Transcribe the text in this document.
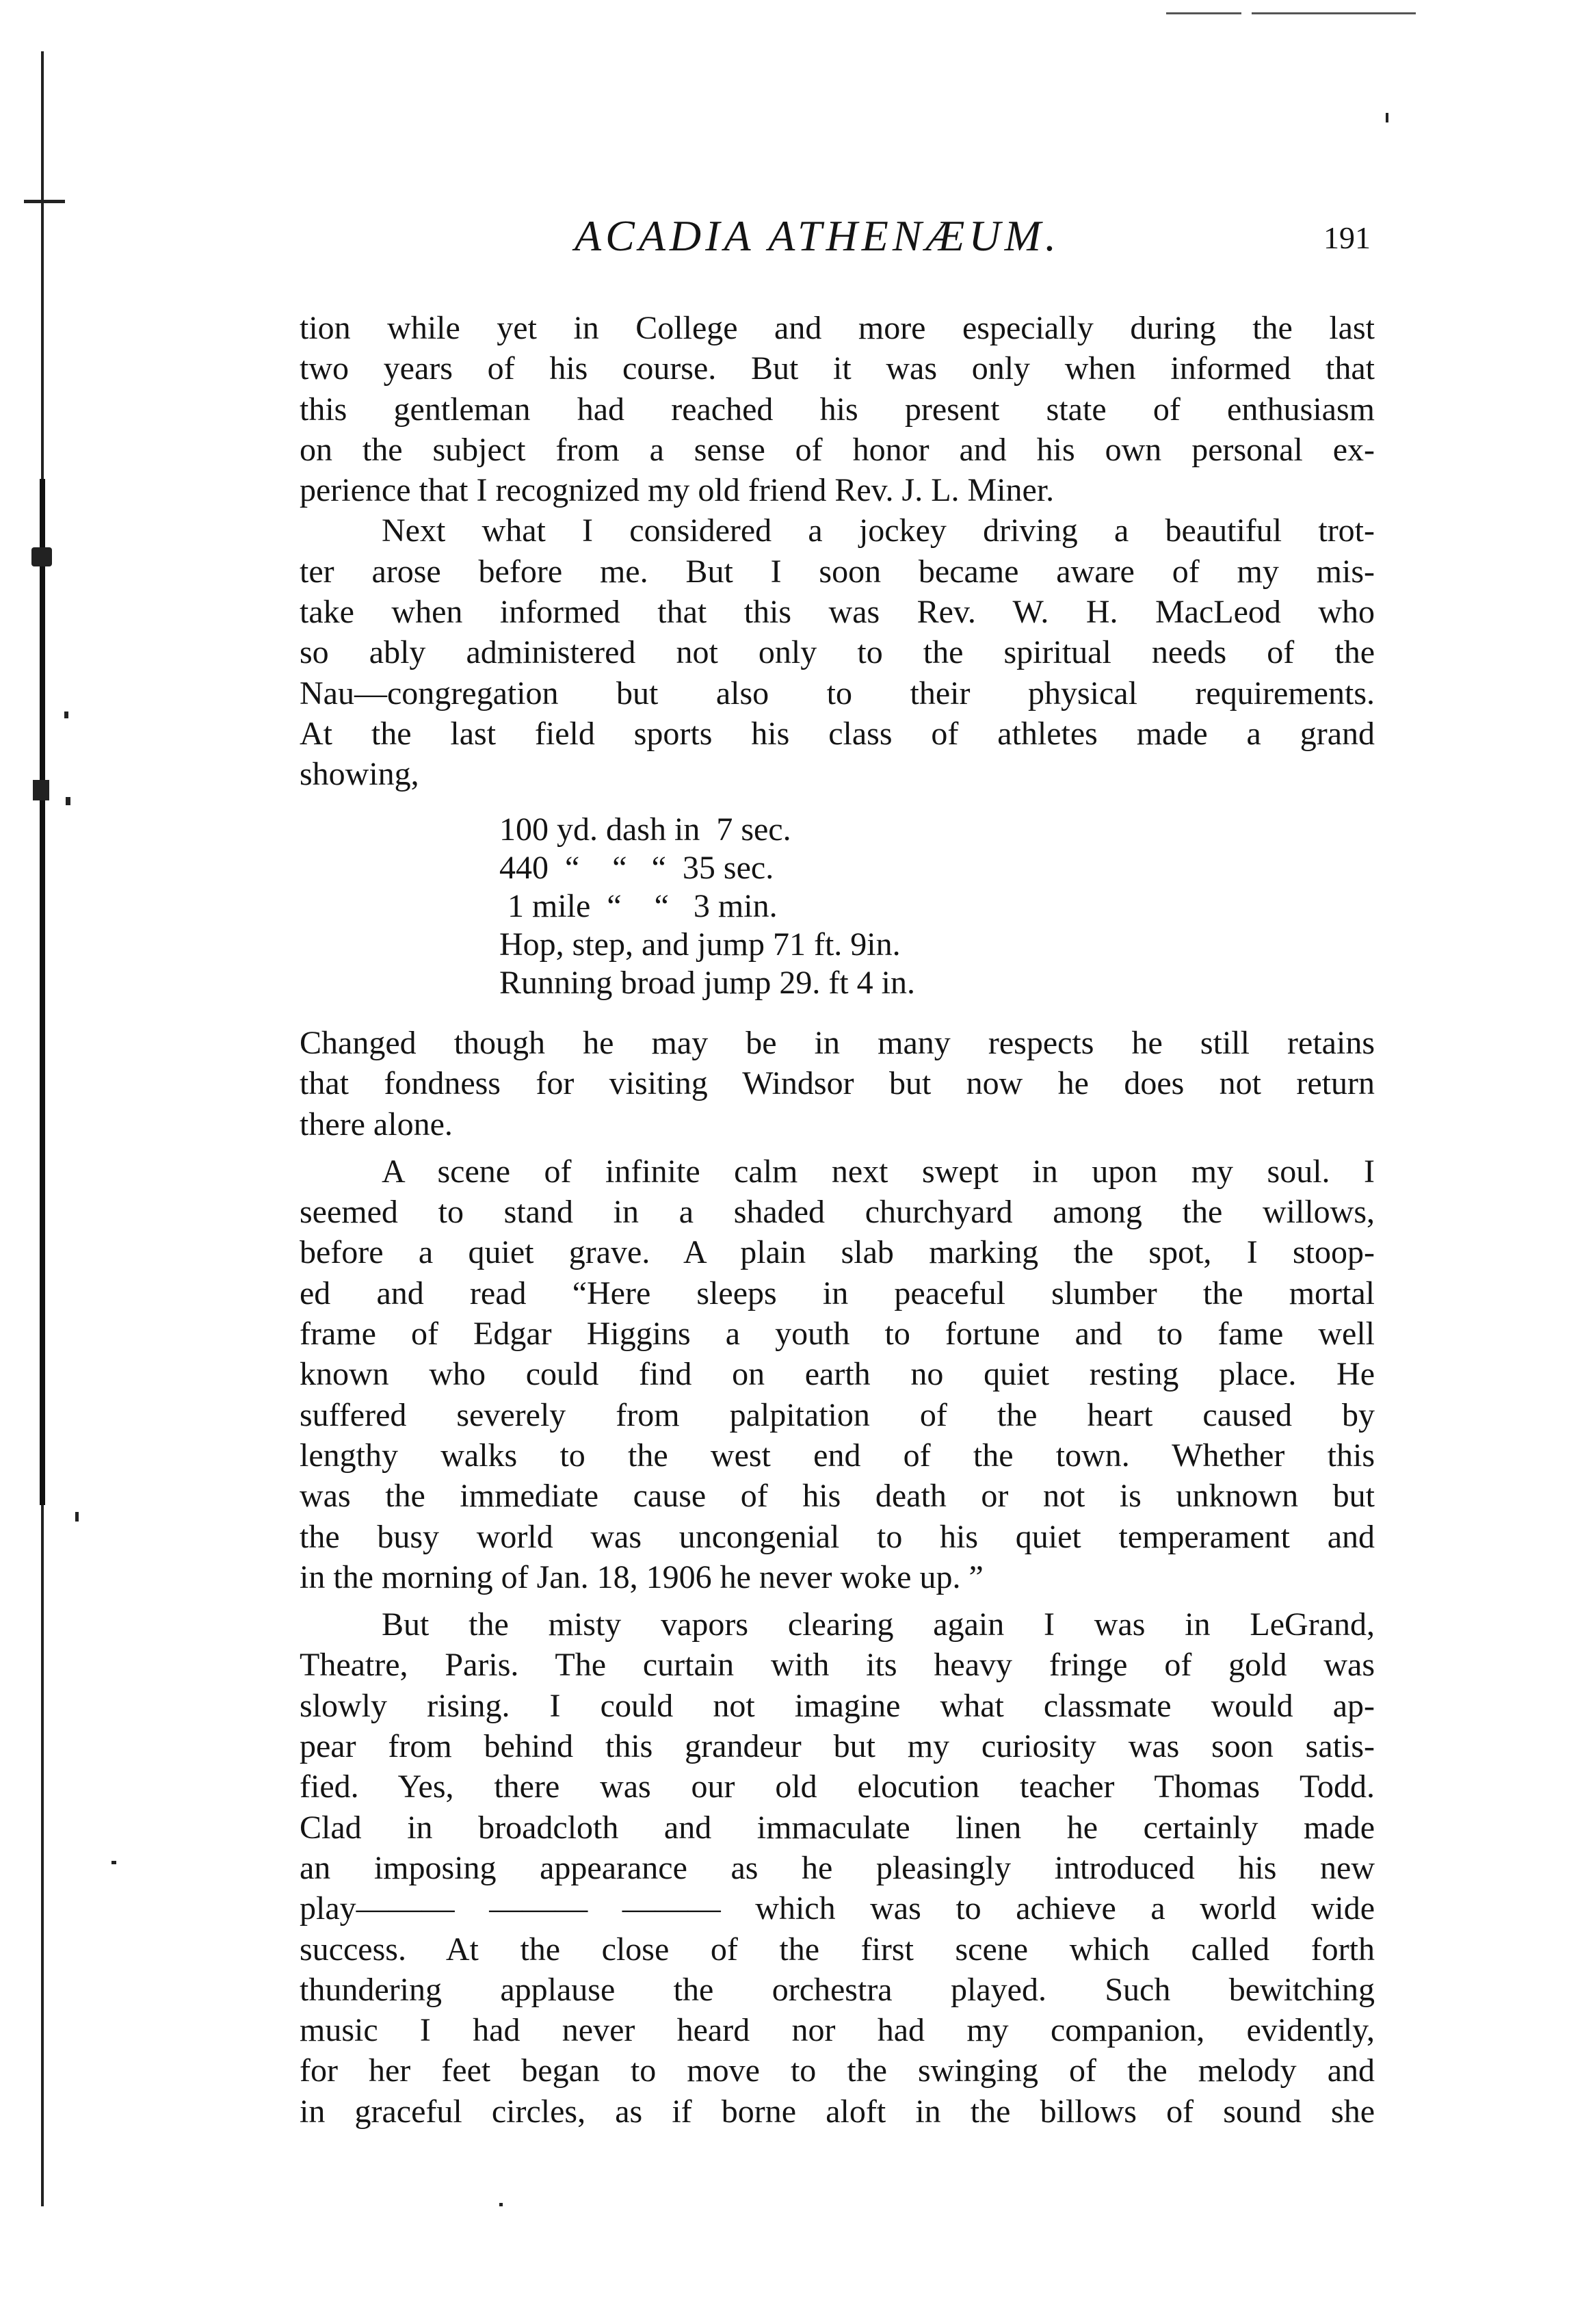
ACADIA ATHENÆUM.	191
tion while yet in College and more especially during the last
two years of his course. But it was only when informed that
this gentleman had reached his present state of enthusiasm
on the subject from a sense of honor and his own personal ex-
perience that I recognized my old friend Rev. J. L. Miner.
Next what I considered a jockey driving a beautiful trot-
ter arose before me. But I soon became aware of my mis-
take when informed that this was Rev. W. H. MacLeod who
so ably administered not only to the spiritual needs of the
Nau—congregation but also to their physical requirements.
At the last field sports his class of athletes made a grand
showing,
100 yd. dash in  7 sec.
440  “    “   “  35 sec.
1 mile  “    “   3 min.
Hop, step, and jump 71 ft. 9in.
Running broad jump 29. ft 4 in.
Changed though he may be in many respects he still retains
that fondness for visiting Windsor but now he does not return
there alone.
A scene of infinite calm next swept in upon my soul. I
seemed to stand in a shaded churchyard among the willows,
before a quiet grave. A plain slab marking the spot, I stoop-
ed and read “Here sleeps in peaceful slumber the mortal
frame of Edgar Higgins a youth to fortune and to fame well
known who could find on earth no quiet resting place. He
suffered severely from palpitation of the heart caused by
lengthy walks to the west end of the town. Whether this
was the immediate cause of his death or not is unknown but
the busy world was uncongenial to his quiet temperament and
in the morning of Jan. 18, 1906 he never woke up. ”
But the misty vapors clearing again I was in LeGrand,
Theatre, Paris. The curtain with its heavy fringe of gold was
slowly rising. I could not imagine what classmate would ap-
pear from behind this grandeur but my curiosity was soon satis-
fied. Yes, there was our old elocution teacher Thomas Todd.
Clad in broadcloth and immaculate linen he certainly made
an imposing appearance as he pleasingly introduced his new
play——— ——— ——— which was to achieve a world wide
success. At the close of the first scene which called forth
thundering applause the orchestra played. Such bewitching
music I had never heard nor had my companion, evidently,
for her feet began to move to the swinging of the melody and
in graceful circles, as if borne aloft in the billows of sound she
